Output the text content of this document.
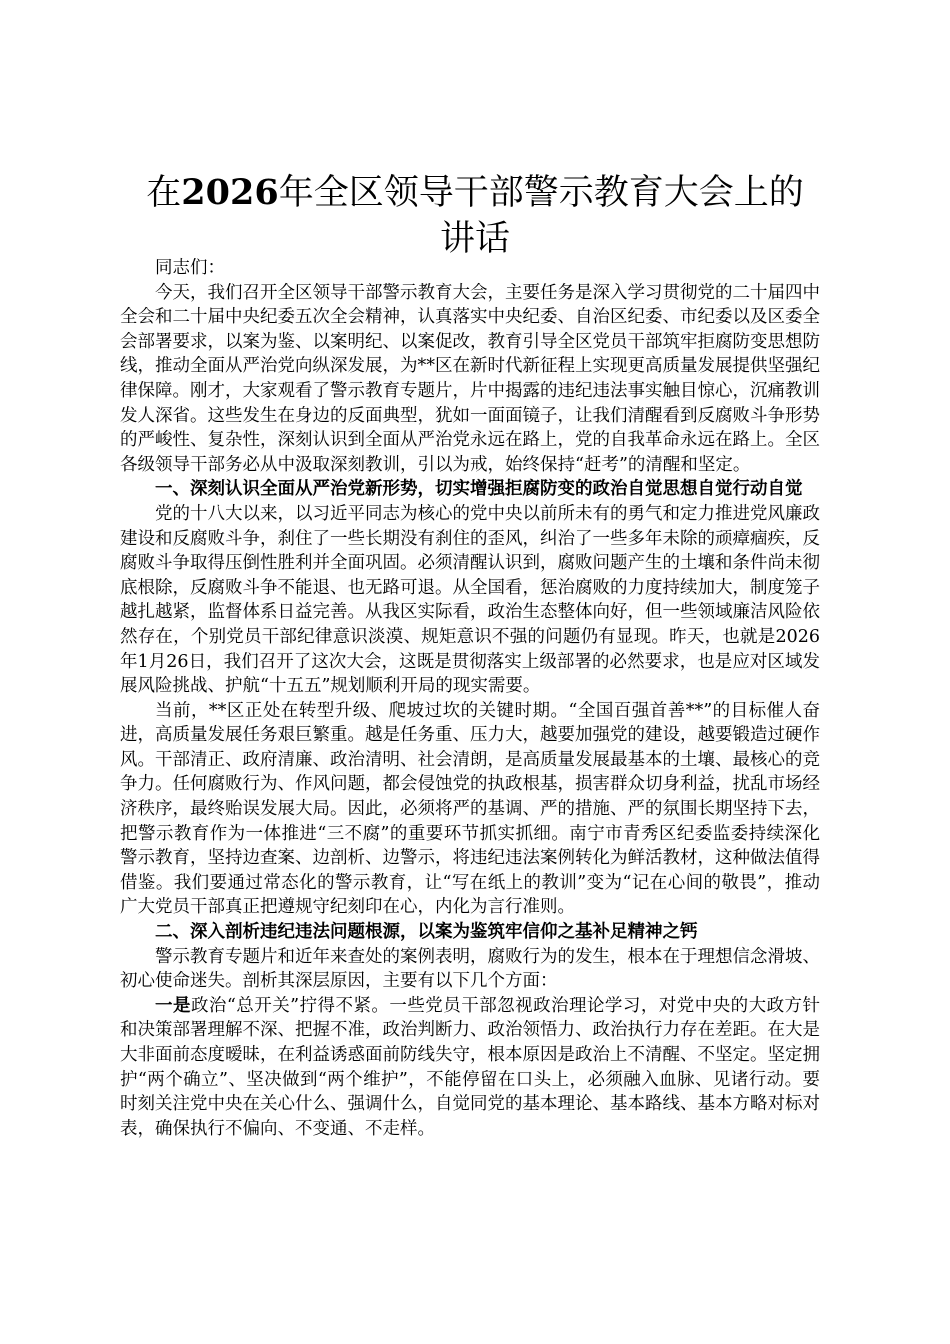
在2026年全区领导干部警示教育大会上的讲话

同志们：

今天，我们召开全区领导干部警示教育大会，主要任务是深入学习贯彻党的二十届四中全会和二十届中央纪委五次全会精神，认真落实中央纪委、自治区纪委、市纪委以及区委全会部署要求，以案为鉴、以案明纪、以案促改，教育引导全区党员干部筑牢拒腐防变思想防线，推动全面从严治党向纵深发展，为**区在新时代新征程上实现更高质量发展提供坚强纪律保障。刚才，大家观看了警示教育专题片，片中揭露的违纪违法事实触目惊心，沉痛教训发人深省。这些发生在身边的反面典型，犹如一面面镜子，让我们清醒看到反腐败斗争形势的严峻性、复杂性，深刻认识到全面从严治党永远在路上，党的自我革命永远在路上。全区各级领导干部务必从中汲取深刻教训，引以为戒，始终保持“赶考”的清醒和坚定。

一、深刻认识全面从严治党新形势，切实增强拒腐防变的政治自觉思想自觉行动自觉

党的十八大以来，以习近平同志为核心的党中央以前所未有的勇气和定力推进党风廉政建设和反腐败斗争，刹住了一些长期没有刹住的歪风，纠治了一些多年未除的顽瘴痼疾，反腐败斗争取得压倒性胜利并全面巩固。必须清醒认识到，腐败问题产生的土壤和条件尚未彻底根除，反腐败斗争不能退、也无路可退。从全国看，惩治腐败的力度持续加大，制度笼子越扎越紧，监督体系日益完善。从我区实际看，政治生态整体向好，但一些领域廉洁风险依然存在，个别党员干部纪律意识淡漠、规矩意识不强的问题仍有显现。昨天，也就是2026年1月26日，我们召开了这次大会，这既是贯彻落实上级部署的必然要求，也是应对区域发展风险挑战、护航“十五五”规划顺利开局的现实需要。

当前，**区正处在转型升级、爬坡过坎的关键时期。“全国百强首善**”的目标催人奋进，高质量发展任务艰巨繁重。越是任务重、压力大，越要加强党的建设，越要锻造过硬作风。干部清正、政府清廉、政治清明、社会清朗，是高质量发展最基本的土壤、最核心的竞争力。任何腐败行为、作风问题，都会侵蚀党的执政根基，损害群众切身利益，扰乱市场经济秩序，最终贻误发展大局。因此，必须将严的基调、严的措施、严的氛围长期坚持下去，把警示教育作为一体推进“三不腐”的重要环节抓实抓细。南宁市青秀区纪委监委持续深化警示教育，坚持边查案、边剖析、边警示，将违纪违法案例转化为鲜活教材，这种做法值得借鉴。我们要通过常态化的警示教育，让“写在纸上的教训”变为“记在心间的敬畏”，推动广大党员干部真正把遵规守纪刻印在心，内化为言行准则。

二、深入剖析违纪违法问题根源，以案为鉴筑牢信仰之基补足精神之钙

警示教育专题片和近年来查处的案例表明，腐败行为的发生，根本在于理想信念滑坡、初心使命迷失。剖析其深层原因，主要有以下几个方面：

一是政治“总开关”拧得不紧。一些党员干部忽视政治理论学习，对党中央的大政方针和决策部署理解不深、把握不准，政治判断力、政治领悟力、政治执行力存在差距。在大是大非面前态度暧昧，在利益诱惑面前防线失守，根本原因是政治上不清醒、不坚定。坚定拥护“两个确立”、坚决做到“两个维护”，不能停留在口头上，必须融入血脉、见诸行动。要时刻关注党中央在关心什么、强调什么，自觉同党的基本理论、基本路线、基本方略对标对表，确保执行不偏向、不变通、不走样。
